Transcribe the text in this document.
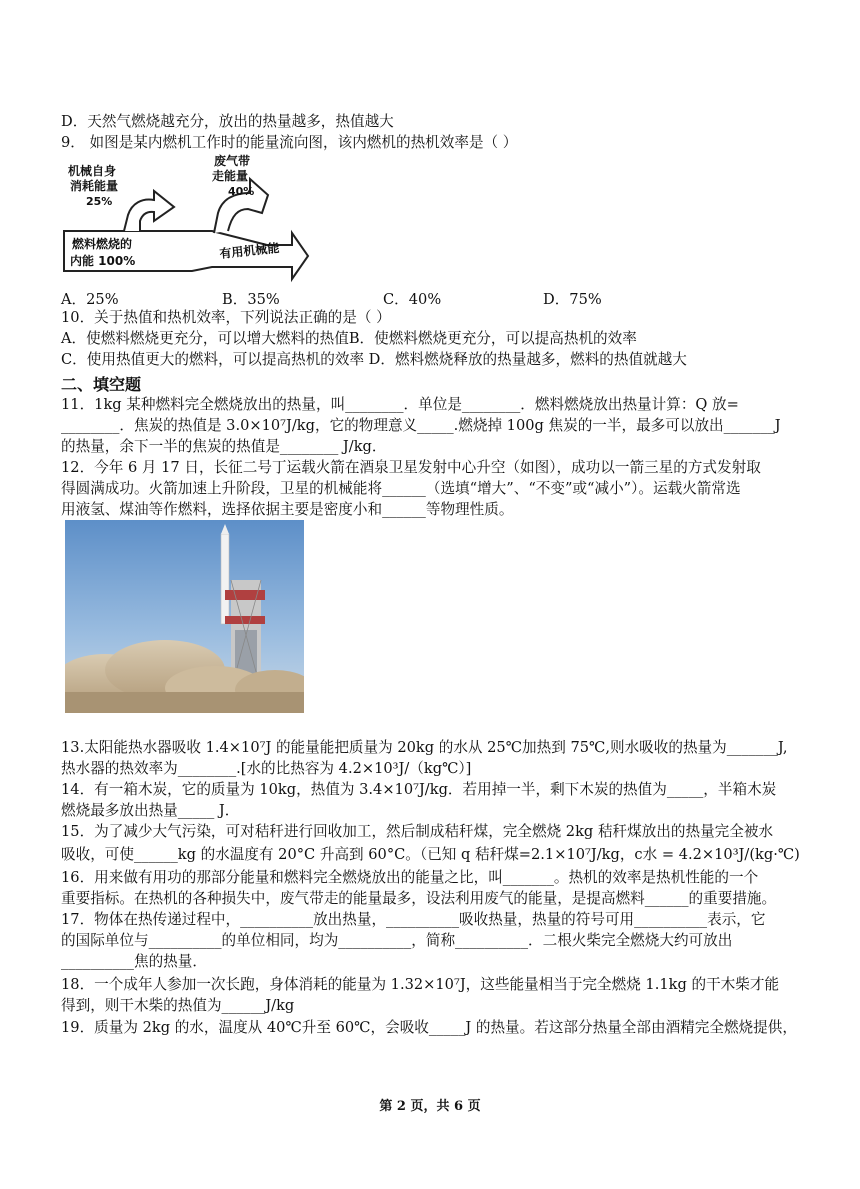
D．天然气燃烧越充分，放出的热量越多，热值越大
9． 如图是某内燃机工作时的能量流向图，该内燃机的热机效率是（ ）
机械自身
消耗能量
25%
废气带
走能量
40%
燃料燃烧的
内能 100%
有用机械能
A．25%	B．35%	C．40%	D．75%
10．关于热值和热机效率，下列说法正确的是（ ）
A．使燃料燃烧更充分，可以增大燃料的热值B．使燃料燃烧更充分，可以提高热机的效率
C．使用热值更大的燃料，可以提高热机的效率 D．燃料燃烧释放的热量越多，燃料的热值就越大
二、填空题
11．1kg 某种燃料完全燃烧放出的热量，叫________．单位是________．燃料燃烧放出热量计算：Q 放=
________．焦炭的热值是 3.0×10⁷J/kg，它的物理意义_____.燃烧掉 100g 焦炭的一半，最多可以放出_______J
的热量，余下一半的焦炭的热值是________ J/kg．
12．今年 6 月 17 日，长征二号丁运载火箭在酒泉卫星发射中心升空（如图），成功以一箭三星的方式发射取
得圆满成功。火箭加速上升阶段，卫星的机械能将______（选填“增大”、“不变”或“减小”）。运载火箭常选
用液氢、煤油等作燃料，选择依据主要是密度小和______等物理性质。
13.太阳能热水器吸收 1.4×10⁷J 的能量能把质量为 20kg 的水从 25℃加热到 75℃,则水吸收的热量为_______J,
热水器的热效率为________.[水的比热容为 4.2×10³J/（kg℃）]
14．有一箱木炭，它的质量为 10kg，热值为 3.4×10⁷J/kg．若用掉一半，剩下木炭的热值为_____，半箱木炭
燃烧最多放出热量_____ J．
15．为了减少大气污染，可对秸秆进行回收加工，然后制成秸秆煤，完全燃烧 2kg 秸秆煤放出的热量完全被水
吸收，可使______kg 的水温度有 20°C 升高到 60°C。（已知 q 秸秆煤=2.1×10⁷J/kg，c水 = 4.2×10³J/(kg·℃)
16．用来做有用功的那部分能量和燃料完全燃烧放出的能量之比，叫_______。热机的效率是热机性能的一个
重要指标。在热机的各种损失中，废气带走的能量最多，设法利用废气的能量，是提高燃料______的重要措施。
17．物体在热传递过程中，__________放出热量，__________吸收热量，热量的符号可用__________表示，它
的国际单位与__________的单位相同，均为__________，简称__________．二根火柴完全燃烧大约可放出
__________焦的热量．
18．一个成年人参加一次长跑，身体消耗的能量为 1.32×10⁷J，这些能量相当于完全燃烧 1.1kg 的干木柴才能
得到，则干木柴的热值为______J/kg
19．质量为 2kg 的水，温度从 40℃升至 60℃，会吸收_____J 的热量。若这部分热量全部由酒精完全燃烧提供，
第 2 页，共 6 页
